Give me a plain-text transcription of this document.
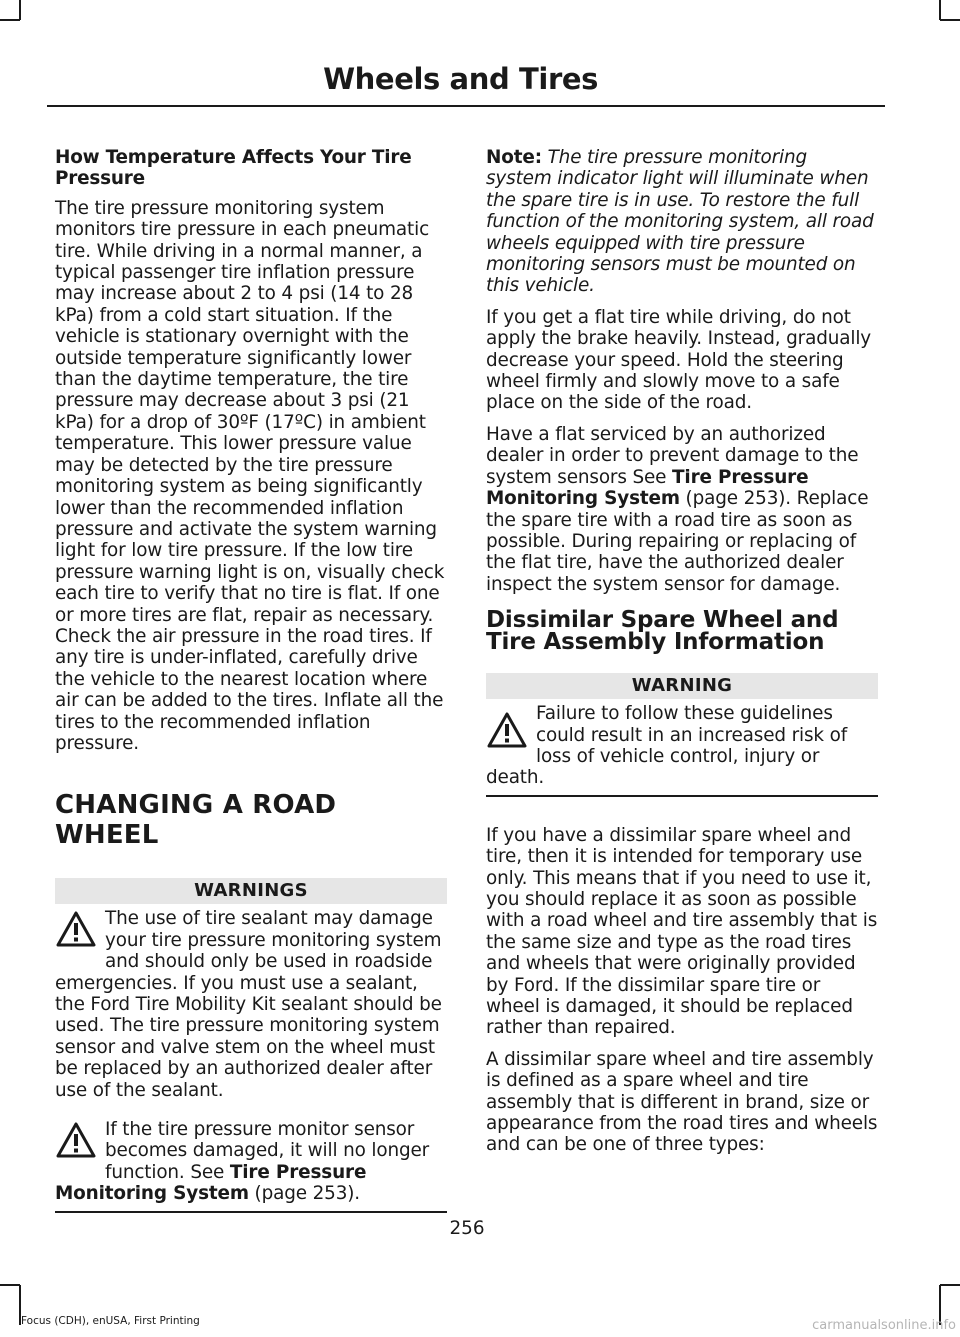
Wheels and Tires
How Temperature Affects Your Tire Pressure

The tire pressure monitoring system monitors tire pressure in each pneumatic tire. While driving in a normal manner, a typical passenger tire inflation pressure may increase about 2 to 4 psi (14 to 28 kPa) from a cold start situation. If the vehicle is stationary overnight with the outside temperature significantly lower than the daytime temperature, the tire pressure may decrease about 3 psi (21 kPa) for a drop of 30ºF (17ºC) in ambient temperature. This lower pressure value may be detected by the tire pressure monitoring system as being significantly lower than the recommended inflation pressure and activate the system warning light for low tire pressure. If the low tire pressure warning light is on, visually check each tire to verify that no tire is flat. If one or more tires are flat, repair as necessary. Check the air pressure in the road tires. If any tire is under-inflated, carefully drive the vehicle to the nearest location where air can be added to the tires. Inflate all the tires to the recommended inflation pressure.

CHANGING A ROAD WHEEL
WARNINGS
The use of tire sealant may damage your tire pressure monitoring system and should only be used in roadside emergencies. If you must use a sealant, the Ford Tire Mobility Kit sealant should be used. The tire pressure monitoring system sensor and valve stem on the wheel must be replaced by an authorized dealer after use of the sealant.
If the tire pressure monitor sensor becomes damaged, it will no longer function. See Tire Pressure Monitoring System (page 253).

Note: The tire pressure monitoring system indicator light will illuminate when the spare tire is in use. To restore the full function of the monitoring system, all road wheels equipped with tire pressure monitoring sensors must be mounted on this vehicle.

If you get a flat tire while driving, do not apply the brake heavily. Instead, gradually decrease your speed. Hold the steering wheel firmly and slowly move to a safe place on the side of the road.

Have a flat serviced by an authorized dealer in order to prevent damage to the system sensors See Tire Pressure Monitoring System (page 253). Replace the spare tire with a road tire as soon as possible. During repairing or replacing of the flat tire, have the authorized dealer inspect the system sensor for damage.

Dissimilar Spare Wheel and Tire Assembly Information
WARNING
Failure to follow these guidelines could result in an increased risk of loss of vehicle control, injury or death.

If you have a dissimilar spare wheel and tire, then it is intended for temporary use only. This means that if you need to use it, you should replace it as soon as possible with a road wheel and tire assembly that is the same size and type as the road tires and wheels that were originally provided by Ford. If the dissimilar spare tire or wheel is damaged, it should be replaced rather than repaired.

A dissimilar spare wheel and tire assembly is defined as a spare wheel and tire assembly that is different in brand, size or appearance from the road tires and wheels and can be one of three types:

256
Focus (CDH), enUSA, First Printing	carmanualsonline.info
